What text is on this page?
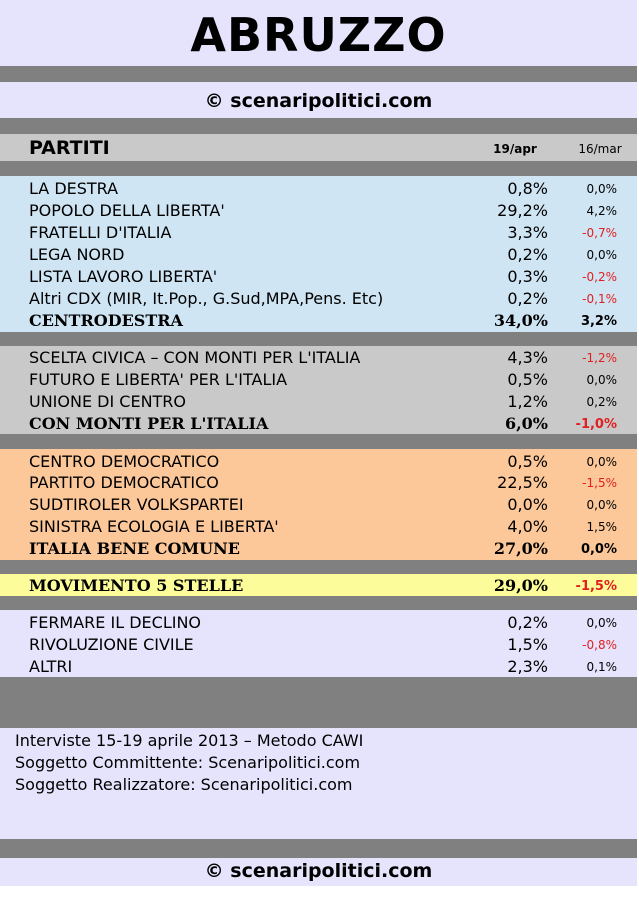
ABRUZZO
© scenaripolitici.com
PARTITI	19/apr	16/mar
LA DESTRA	0,8%	0,0%
POPOLO DELLA LIBERTA'	29,2%	4,2%
FRATELLI D'ITALIA	3,3%	-0,7%
LEGA NORD	0,2%	0,0%
LISTA LAVORO LIBERTA'	0,3%	-0,2%
Altri CDX (MIR, It.Pop., G.Sud,MPA,Pens. Etc)	0,2%	-0,1%
CENTRODESTRA	34,0%	3,2%
SCELTA CIVICA – CON MONTI PER L'ITALIA	4,3%	-1,2%
FUTURO E LIBERTA' PER L'ITALIA	0,5%	0,0%
UNIONE DI CENTRO	1,2%	0,2%
CON MONTI PER L'ITALIA	6,0%	-1,0%
CENTRO DEMOCRATICO	0,5%	0,0%
PARTITO DEMOCRATICO	22,5%	-1,5%
SUDTIROLER VOLKSPARTEI	0,0%	0,0%
SINISTRA ECOLOGIA E LIBERTA'	4,0%	1,5%
ITALIA BENE COMUNE	27,0%	0,0%
MOVIMENTO 5 STELLE	29,0%	-1,5%
FERMARE IL DECLINO	0,2%	0,0%
RIVOLUZIONE CIVILE	1,5%	-0,8%
ALTRI	2,3%	0,1%
Interviste 15-19 aprile 2013 – Metodo CAWI
Soggetto Committente: Scenaripolitici.com
Soggetto Realizzatore: Scenaripolitici.com
© scenaripolitici.com
